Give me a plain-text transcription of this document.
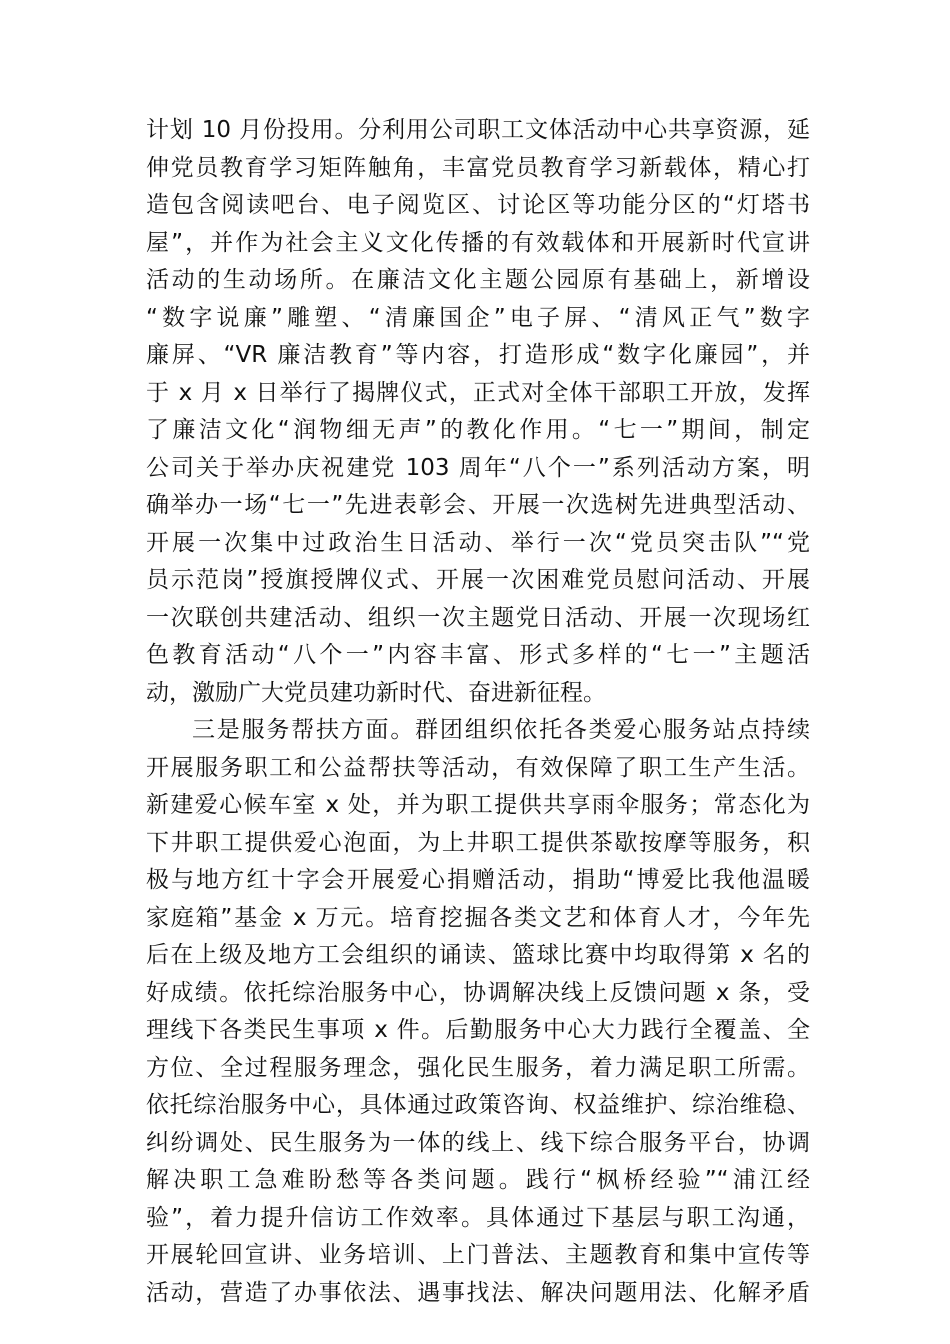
计划 10 月份投用。分利用公司职工文体活动中心共享资源，延
伸党员教育学习矩阵触角，丰富党员教育学习新载体，精心打
造包含阅读吧台、电子阅览区、讨论区等功能分区的“灯塔书
屋”，并作为社会主义文化传播的有效载体和开展新时代宣讲
活动的生动场所。在廉洁文化主题公园原有基础上，新增设
“数字说廉”雕塑、“清廉国企”电子屏、“清风正气”数字
廉屏、“VR 廉洁教育”等内容，打造形成“数字化廉园”，并
于 x 月 x 日举行了揭牌仪式，正式对全体干部职工开放，发挥
了廉洁文化“润物细无声”的教化作用。“七一”期间，制定
公司关于举办庆祝建党 103 周年“八个一”系列活动方案，明
确举办一场“七一”先进表彰会、开展一次选树先进典型活动、
开展一次集中过政治生日活动、举行一次“党员突击队”“党
员示范岗”授旗授牌仪式、开展一次困难党员慰问活动、开展
一次联创共建活动、组织一次主题党日活动、开展一次现场红
色教育活动“八个一”内容丰富、形式多样的“七一”主题活
动，激励广大党员建功新时代、奋进新征程。
三是服务帮扶方面。群团组织依托各类爱心服务站点持续
开展服务职工和公益帮扶等活动，有效保障了职工生产生活。
新建爱心候车室 x 处，并为职工提供共享雨伞服务；常态化为
下井职工提供爱心泡面，为上井职工提供茶歇按摩等服务，积
极与地方红十字会开展爱心捐赠活动，捐助“博爱比我他温暖
家庭箱”基金 x 万元。培育挖掘各类文艺和体育人才，今年先
后在上级及地方工会组织的诵读、篮球比赛中均取得第 x 名的
好成绩。依托综治服务中心，协调解决线上反馈问题 x 条，受
理线下各类民生事项 x 件。后勤服务中心大力践行全覆盖、全
方位、全过程服务理念，强化民生服务，着力满足职工所需。
依托综治服务中心，具体通过政策咨询、权益维护、综治维稳、
纠纷调处、民生服务为一体的线上、线下综合服务平台，协调
解决职工急难盼愁等各类问题。践行“枫桥经验”“浦江经
验”，着力提升信访工作效率。具体通过下基层与职工沟通，
开展轮回宣讲、业务培训、上门普法、主题教育和集中宣传等
活动，营造了办事依法、遇事找法、解决问题用法、化解矛盾
